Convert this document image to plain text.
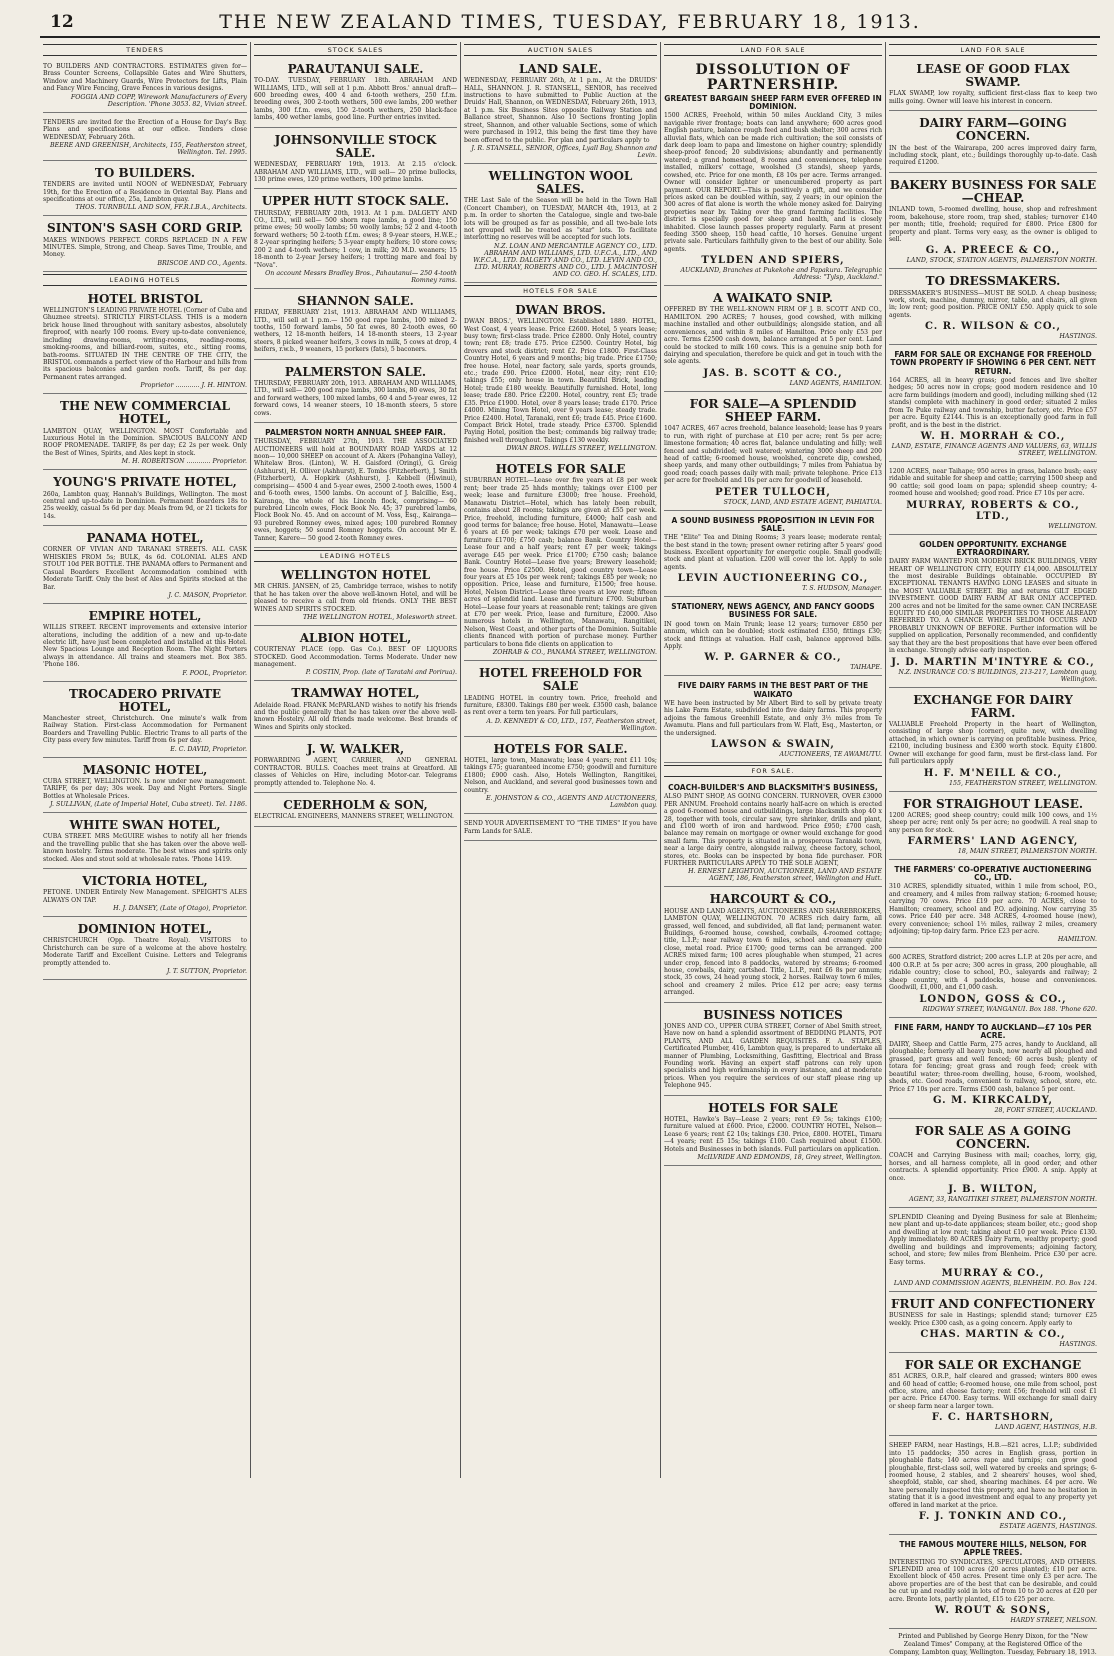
12	THE NEW ZEALAND TIMES, TUESDAY, FEBRUARY 18, 1913.
TENDERS
TO BUILDERS AND CONTRACTORS. ESTIMATES given for—Brass Counter Screens, Collapsible Gates and Wire Shutters, Window and Machinery Guards, Wire Protectors for Lifts, Plain and Fancy Wire Fencing, Grave Fences in various designs.
FOGGIA AND COPP, Wirework Manufacturers of Every Description. 'Phone 3053. 82, Vivian street.
TENDERS are invited for the Erection of a House for Day's Bay. Plans and specifications at our office. Tenders close WEDNESDAY, February 26th.
BEERE AND GREENISH, Architects, 155, Featherston street, Wellington. Tel. 1995.
TO BUILDERS.
TENDERS are invited until NOON of WEDNESDAY, February 19th, for the Erection of a Residence in Oriental Bay. Plans and specifications at our office, 25a, Lambton quay.
THOS. TURNBULL AND SON, FF.R.I.B.A., Architects.
SINTON'S SASH CORD GRIP.
MAKES WINDOWS PERFECT. CORDS REPLACED IN A FEW MINUTES. Simple, Strong, and Cheap. Saves Time, Trouble, and Money.
BRISCOE AND CO., Agents.
LEADING HOTELS
HOTEL BRISTOL
WELLINGTON'S LEADING PRIVATE HOTEL (Corner of Cuba and Ghuznee streets). STRICTLY FIRST-CLASS. THIS is a modern brick house lined throughout with sanitary asbestos, absolutely fireproof, with nearly 100 rooms. Every up-to-date convenience, including drawing-rooms, writing-rooms, reading-rooms, smoking-rooms, and billiard-room, suites, etc., sitting rooms, bath-rooms. SITUATED IN THE CENTRE OF THE CITY, the BRISTOL commands a perfect view of the Harbour and hills from its spacious balconies and garden roofs. Tariff, 8s per day. Permanent rates arranged.
Proprietor ............ J. H. HINTON.
THE NEW COMMERCIAL HOTEL,
LAMBTON QUAY, WELLINGTON. MOST Comfortable and Luxurious Hotel in the Dominion. SPACIOUS BALCONY AND ROOF PROMENADE. TARIFF, 8s per day; £2 2s per week. Only the Best of Wines, Spirits, and Ales kept in stock.
M. H. ROBERTSON ............ Proprietor.
YOUNG'S PRIVATE HOTEL,
260a, Lambton quay, Hannah's Buildings, Wellington. The most central and up-to-date in Dominion. Permanent Boarders 18s to 25s weekly, casual 5s 6d per day. Meals from 9d, or 21 tickets for 14s.
PANAMA HOTEL,
CORNER OF VIVIAN AND TARANAKI STREETS. ALL CASK WHISKIES FROM 5s; BULK, 4s 6d. COLONIAL ALES AND STOUT 10d PER BOTTLE. THE PANAMA offers to Permanent and Casual Boarders Excellent Accommodation combined with Moderate Tariff. Only the best of Ales and Spirits stocked at the Bar.
J. C. MASON, Proprietor.
EMPIRE HOTEL,
WILLIS STREET. RECENT improvements and extensive interior alterations, including the addition of a new and up-to-date electric lift, have just been completed and installed at this Hotel. New Spacious Lounge and Reception Room. The Night Porters always in attendance. All trains and steamers met. Box 385. 'Phone 186.
F. POOL, Proprietor.
TROCADERO PRIVATE HOTEL,
Manchester street, Christchurch. One minute's walk from Railway Station. First-class Accommodation for Permanent Boarders and Travelling Public. Electric Trams to all parts of the City pass every few minutes. Tariff from 6s per day.
E. C. DAVID, Proprietor.
MASONIC HOTEL,
CUBA STREET, WELLINGTON. Is now under new management. TARIFF, 6s per day; 30s week. Day and Night Porters. Single Bottles at Wholesale Prices.
J. SULLIVAN, (Late of Imperial Hotel, Cuba street). Tel. 1186.
WHITE SWAN HOTEL,
CUBA STREET. MRS McGUIRE wishes to notify all her friends and the travelling public that she has taken over the above well-known hostelry. Terms moderate. The best wines and spirits only stocked. Ales and stout sold at wholesale rates. 'Phone 1419.
VICTORIA HOTEL,
PETONE. UNDER Entirely New Management. SPEIGHT'S ALES ALWAYS ON TAP.
H. J. DANSEY, (Late of Otago), Proprietor.
DOMINION HOTEL,
CHRISTCHURCH (Opp. Theatre Royal). VISITORS to Christchurch can be sure of a welcome at the above hostelry. Moderate Tariff and Excellent Cuisine. Letters and Telegrams promptly attended to.
J. T. SUTTON, Proprietor.
STOCK SALES
PARAUTANUI SALE.
TO-DAY. TUESDAY, FEBRUARY 18th. ABRAHAM AND WILLIAMS, LTD., will sell at 1 p.m. Abbott Bros.' annual draft— 600 breeding ewes, 400 4 and 6-tooth wethers, 250 f.f.m. breeding ewes, 300 2-tooth wethers, 500 ewe lambs, 200 wether lambs, 300 f.f.m. ewes, 150 2-tooth wethers, 250 black-face lambs, 400 wether lambs, good line. Further entries invited.
JOHNSONVILLE STOCK SALE.
WEDNESDAY, FEBRUARY 19th, 1913. At 2.15 o'clock. ABRAHAM AND WILLIAMS, LTD., will sell— 20 prime bullocks, 130 prime ewes, 120 prime wethers, 100 prime lambs.
UPPER HUTT STOCK SALE.
THURSDAY, FEBRUARY 20th, 1913. At 1 p.m. DALGETY AND CO., LTD., will sell— 500 shorn rape lambs, a good line; 150 prime ewes; 50 woolly lambs; 50 woolly lambs; 52 2 and 4-tooth forward wethers; 50 2-tooth f.f.m. ewes; 8 9-year steers, H.W.E.; 8 2-year springing heifers; 5 3-year empty heifers; 10 store cows; 200 2 and 4-tooth wethers; 1 cow, in milk; 20 M.D. weaners; 15 18-month to 2-year Jersey heifers; 1 trotting mare and foal by "Nova".
On account Messrs Bradley Bros., Pahautanui— 250 4-tooth Romney rams.
SHANNON SALE.
FRIDAY, FEBRUARY 21st, 1913. ABRAHAM AND WILLIAMS, LTD., will sell at 1 p.m.— 150 good rape lambs, 100 mixed 2-tooths, 150 forward lambs, 50 fat ewes, 80 2-tooth ewes, 60 wethers, 12 18-month heifers, 14 18-month steers, 13 2-year steers, 8 picked weaner heifers, 3 cows in milk, 5 cows at drop, 4 heifers, r.w.b., 9 weaners, 15 porkers (fats), 5 baconers.
PALMERSTON SALE.
THURSDAY, FEBRUARY 20th, 1913. ABRAHAM AND WILLIAMS, LTD., will sell— 200 good rape lambs, 300 lambs, 80 ewes, 30 fat and forward wethers, 100 mixed lambs, 60 4 and 5-year ewes, 12 forward cows, 14 weaner steers, 10 18-month steers, 5 store cows.
PALMERSTON NORTH ANNUAL SHEEP FAIR.
THURSDAY, FEBRUARY 27th, 1913. THE ASSOCIATED AUCTIONEERS will hold at BOUNDARY ROAD YARDS at 12 noon— 10,000 SHEEP on account of A. Akers (Pohangina Valley), Whitelaw Bros. (Linton), W. H. Gaisford (Oringi), G. Greig (Ashhurst), H. Olliver (Ashhurst), E. Tombs (Fitzherbert), J. Smith (Fitzherbert), A. Hopkirk (Ashhurst), J. Kebbell (Hiwinui), comprising— 4500 4 and 5-year ewes, 2500 2-tooth ewes, 1500 4 and 6-tooth ewes, 1500 lambs. On account of J. Balcillie, Esq., Kairanga, the whole of his Lincoln flock, comprising— 60 purebred Lincoln ewes, Flock Book No. 45; 37 purebred lambs, Flock Book No. 45. And on account of M. Voss, Esq., Kairanga— 93 purebred Romney ewes, mixed ages; 100 purebred Romney ewes, hoggets; 50 sound Romney hoggets. On account Mr E. Tanner, Karere— 50 good 2-tooth Romney ewes.
LEADING HOTELS
WELLINGTON HOTEL
MR CHRIS. JANSEN, of 25, Cambridge terrace, wishes to notify that he has taken over the above well-known Hotel, and will be pleased to receive a call from old friends. ONLY THE BEST WINES AND SPIRITS STOCKED.
THE WELLINGTON HOTEL, Molesworth street.
ALBION HOTEL,
COURTENAY PLACE (opp. Gas Co.). BEST OF LIQUORS STOCKED. Good Accommodation. Terms Moderate. Under new management.
P. COSTIN, Prop. (late of Taratahi and Porirua).
TRAMWAY HOTEL,
Adelaide Road. FRANK McPARLAND wishes to notify his friends and the public generally that he has taken over the above well-known Hostelry. All old friends made welcome. Best brands of Wines and Spirits only stocked.
J. W. WALKER,
FORWARDING AGENT, CARRIER, AND GENERAL CONTRACTOR. BULLS. Coaches meet trains at Greatford. All classes of Vehicles on Hire, including Motor-car. Telegrams promptly attended to. Telephone No. 4.
CEDERHOLM & SON,
ELECTRICAL ENGINEERS, MANNERS STREET, WELLINGTON.
AUCTION SALES
LAND SALE.
WEDNESDAY, FEBRUARY 26th, At 1 p.m., At the DRUIDS' HALL, SHANNON. J. R. STANSELL, SENIOR, has received instructions to have submitted to Public Auction at the Druids' Hall, Shannon, on WEDNESDAY, February 26th, 1913, at 1 p.m. Six Business Sites opposite Railway Station and Ballance street, Shannon. Also 10 Sections fronting Joplin street, Shannon, and other valuable Sections, some of which were purchased in 1912, this being the first time they have been offered to the public. For plan and particulars apply to
J. R. STANSELL, SENIOR, Offices, Lyall Bay, Shannon and Levin.
WELLINGTON WOOL SALES.
THE Last Sale of the Season will be held in the Town Hall (Concert Chamber), on TUESDAY, MARCH 4th, 1913, at 2 p.m. In order to shorten the Catalogue, single and two-bale lots will be grouped as far as possible, and all two-bale lots not grouped will be treated as "star" lots. To facilitate interlotting no reserves will be accepted for such lots.
N.Z. LOAN AND MERCANTILE AGENCY CO., LTD. ABRAHAM AND WILLIAMS, LTD. U.F.C.A., LTD., AND W.F.C.A., LTD. DALGETY AND CO., LTD. LEVIN AND CO., LTD. MURRAY, ROBERTS AND CO., LTD. J. MACINTOSH AND CO. GEO. H. SCALES, LTD.
HOTELS FOR SALE
DWAN BROS.
DWAN BROS.', WELLINGTON. Established 1889. HOTEL, West Coast, 4 years lease. Price £2600. Hotel, 5 years lease; busy town; first-class trade. Price £2800. Only Hotel, country town; rent £8; trade £75. Price £2500. Country Hotel, big drovers and stock district; rent £2. Price £1800. First-Class Country Hotel, 6 years and 9 months; big trade. Price £1750; free house. Hotel, near factory, sale yards, sports grounds, etc.; trade £90. Price £2000. Hotel, near city; rent £10; takings £55; only house in town. Beautiful Brick, leading Hotel; trade £180 weekly. Beautifully furnished. Hotel, long lease; trade £80. Price £2200. Hotel, country, rent £5; trade £35. Price £1900. Hotel, over 8 years lease; trade £170. Price £4000. Mining Town Hotel, over 9 years lease; steady trade. Price £2400. Hotel, Taranaki, rent £6; trade £45. Price £1600. Compact Brick Hotel, trade steady. Price £3700. Splendid Paying Hotel, position the best; commands big railway trade; finished well throughout. Takings £130 weekly.
DWAN BROS. WILLIS STREET, WELLINGTON.
HOTELS FOR SALE
SUBURBAN HOTEL—Lease over five years at £8 per week rent; beer trade 25 hhds monthly; takings over £100 per week; lease and furniture £3000; free house. Freehold, Manawatu District—Hotel, which has lately been rebuilt, contains about 28 rooms; takings are given at £55 per week. Price, freehold, including furniture, £4000; half cash and good terms for balance; free house. Hotel, Manawatu—Lease 6 years at £6 per week; takings £70 per week. Lease and furniture £1700; £750 cash; balance Bank. Country Hotel—Lease four and a half years; rent £7 per week; takings average £45 per week. Price £1700; £750 cash; balance Bank. Country Hotel—Lease five years; Brewery leasehold; free house. Price £2500. Hotel, good country town—Lease four years at £5 10s per week rent; takings £85 per week; no opposition. Price, lease and furniture, £1500; free house. Hotel, Nelson District—Lease three years at low rent; fifteen acres of splendid land. Lease and furniture £700. Suburban Hotel—Lease four years at reasonable rent; takings are given at £70 per week. Price, lease and furniture, £2000. Also numerous hotels in Wellington, Manawatu, Rangitikei, Nelson, West Coast, and other parts of the Dominion. Suitable clients financed with portion of purchase money. Further particulars to bona fide clients on application to
ZOHRAB & CO., PANAMA STREET, WELLINGTON.
HOTEL FREEHOLD FOR SALE
LEADING HOTEL in country town. Price, freehold and furniture, £8300. Takings £80 per week. £3500 cash, balance as rent over a term ten years. For full particulars,
A. D. KENNEDY & CO, LTD., 157, Featherston street, Wellington.
HOTELS FOR SALE.
HOTEL, large town, Manawatu; lease 4 years; rent £11 10s; takings £75; guaranteed income £750; goodwill and furniture £1800; £900 cash. Also, Hotels Wellington, Rangitikei, Nelson, and Auckland, and several good businesses town and country.
E. JOHNSTON & CO., AGENTS AND AUCTIONEERS, Lambton quay.
SEND YOUR ADVERTISEMENT TO "THE TIMES" If you have Farm Lands for SALE.
LAND FOR SALE
DISSOLUTION OF PARTNERSHIP.
GREATEST BARGAIN SHEEP FARM EVER OFFERED IN DOMINION.
1500 ACRES, Freehold, within 50 miles Auckland City, 3 miles navigable river frontage; boats can land anywhere; 600 acres good English pasture, balance rough feed and bush shelter; 300 acres rich alluvial flats, which can be made rich cultivation; the soil consists of dark deep loam to papa and limestone on higher country; splendidly sheep-proof fenced; 20 subdivisions; abundantly and permanently watered; a grand homestead, 8 rooms and conveniences, telephone installed, milkers' cottage, woolshed (3 stands), sheep yards, cowshed, etc. Price for one month, £8 10s per acre. Terms arranged. Owner will consider lighter or unencumbered property as part payment. OUR REPORT.—This is positively a gift, and we consider prices asked can be doubled within, say, 2 years; in our opinion the 300 acres of flat alone is worth the whole money asked for. Dairying properties near by. Taking over the grand farming facilities. The district is specially good for sheep and health, and is closely inhabited. Close launch passes property regularly. Farm at present feeding 3500 sheep, 150 head cattle, 10 horses. Genuine urgent private sale. Particulars faithfully given to the best of our ability. Sole agents.
TYLDEN AND SPIERS,
AUCKLAND, Branches at Pukekohe and Papakura. Telegraphic Address: "Tylsp, Auckland."
A WAIKATO SNIP.
OFFERED BY THE WELL-KNOWN FIRM OF J. B. SCOTT AND CO., HAMILTON. 290 ACRES; 7 houses, good cowshed, with milking machine installed and other outbuildings; alongside station, and all conveniences, and within 8 miles of Hamilton. Price only £53 per acre. Terms £2500 cash down, balance arranged at 5 per cent. Land could be stocked to milk 160 cows. This is a genuine snip both for dairying and speculation, therefore be quick and get in touch with the sole agents.
JAS. B. SCOTT & CO.,
LAND AGENTS, HAMILTON.
FOR SALE—A SPLENDID SHEEP FARM.
1047 ACRES, 467 acres freehold, balance leasehold; lease has 9 years to run, with right of purchase at £10 per acre; rent 5s per acre; limestone formation; 40 acres flat, balance undulating and hilly; well fenced and subdivided; well watered; wintering 3000 sheep and 200 head of cattle; 6-roomed house, woolshed, concrete dip, cowshed, sheep yards, and many other outbuildings; 7 miles from Pahiatua by good road; coach passes daily with mail; private telephone. Price £13 per acre for freehold and 10s per acre for goodwill of leasehold.
PETER TULLOCH,
STOCK, LAND, AND ESTATE AGENT, PAHIATUA.
A SOUND BUSINESS PROPOSITION IN LEVIN FOR SALE.
THE "Elite" Tea and Dining Rooms; 3 years lease; moderate rental; the best stand in the town; present owner retiring after 5 years' good business. Excellent opportunity for energetic couple. Small goodwill; stock and plant at valuation. £200 will cover the lot. Apply to sole agents.
LEVIN AUCTIONEERING CO.,
T. S. HUDSON, Manager.
STATIONERY, NEWS AGENCY, AND FANCY GOODS BUSINESS FOR SALE.
IN good town on Main Trunk; lease 12 years; turnover £850 per annum, which can be doubled; stock estimated £350, fittings £30; stock and fittings at valuation. Half cash, balance approved bills. Apply.
W. P. GARNER & CO.,
TAIHAPE.
FIVE DAIRY FARMS IN THE BEST PART OF THE WAIKATO
WE have been instructed by Mr Albert Bird to sell by private treaty his Lake Farm Estate, subdivided into five dairy farms. This property adjoins the famous Greenhill Estate, and only 3½ miles from Te Awamutu. Plans and full particulars from W. Flatt, Esq., Masterton, or the undersigned.
LAWSON & SWAIN,
AUCTIONEERS, TE AWAMUTU.
FOR SALE.
COACH-BUILDER'S AND BLACKSMITH'S BUSINESS,
ALSO PAINT SHOP, AS GOING CONCERN. TURNOVER, OVER £3000 PER ANNUM. Freehold contains nearly half-acre on which is erected a good 6-roomed house and outbuildings, large blacksmith shop 40 x 28, together with tools, circular saw, tyre shrinker, drills and plant, and £100 worth of iron and hardwood. Price £950; £700 cash, balance may remain on mortgage or owner would exchange for good small farm. This property is situated in a prosperous Taranaki town, near a large dairy centre, alongside railway, cheese factory, school, stores, etc. Books can be inspected by bona fide purchaser. FOR FURTHER PARTICULARS APPLY TO THE SOLE AGENT,
H. ERNEST LEIGHTON, AUCTIONEER, LAND AND ESTATE AGENT, 186, Featherston street, Wellington and Hutt.
HARCOURT & CO.,
HOUSE AND LAND AGENTS, AUCTIONEERS AND SHAREBROKERS, LAMBTON QUAY, WELLINGTON. 70 ACRES rich dairy farm, all grassed, well fenced, and subdivided, all flat land; permanent water. Buildings, 6-roomed house, cowshed, cowbails, 4-roomed cottage; title, L.I.P.; near railway town 6 miles, school and creamery quite close, metal road. Price £1700; good terms can be arranged. 200 ACRES mixed farm; 100 acres ploughable when stumped, 21 acres under crop, fenced into 8 paddocks, watered by streams; 6-roomed house, cowbails, dairy, cartshed. Title, L.I.P., rent £6 8s per annum; stock, 35 cows, 24 head young stock, 2 horses. Railway town 6 miles, school and creamery 2 miles. Price £12 per acre; easy terms arranged.
BUSINESS NOTICES
JONES AND CO., UPPER CUBA STREET, Corner of Abel Smith street, Have now on hand a splendid assortment of BEDDING PLANTS, POT PLANTS, AND ALL GARDEN REQUISITES. F. A. STAPLES, Certificated Plumber, 416, Lambton quay, is prepared to undertake all manner of Plumbing, Locksmithing, Gasfitting, Electrical and Brass Founding work. Having an expert staff patrons can rely upon specialists and high workmanship in every instance, and at moderate prices. When you require the services of our staff please ring up Telephone 945.
HOTELS FOR SALE
HOTEL, Hawke's Bay—Lease 2 years; rent £9 5s; takings £100; furniture valued at £600. Price, £2000. COUNTRY HOTEL, Nelson—Lease 6 years; rent £2 10s; takings £30. Price, £800. HOTEL, Timaru—4 years; rent £5 15s; takings £100. Cash required about £1500. Hotels and Businesses in both islands. Full particulars on application.
McILVRIDE AND EDMONDS, 18, Grey street, Wellington.
LAND FOR SALE
LEASE OF GOOD FLAX SWAMP.
FLAX SWAMP, low royalty, sufficient first-class flax to keep two mills going. Owner will leave his interest in concern.
DAIRY FARM—GOING CONCERN.
IN the best of the Wairarapa, 200 acres improved dairy farm, including stock, plant, etc.; buildings thoroughly up-to-date. Cash required £1200.
BAKERY BUSINESS FOR SALE—CHEAP.
INLAND town, 5-roomed dwelling, house, shop and refreshment room, bakehouse, store room, trap shed, stables; turnover £140 per month; title, freehold; required for £800. Price £800 for property and plant. Terms very easy, as the owner is obliged to sell.
G. A. PREECE & CO.,
LAND, STOCK, STATION AGENTS, PALMERSTON NORTH.
TO DRESSMAKERS.
DRESSMAKER'S BUSINESS—MUST BE SOLD. A cheap business; work, stock, machine, dummy, mirror, table, and chairs, all given in; low rent; good position. PRICE ONLY £50. Apply quick to sole agents.
C. R. WILSON & CO.,
HASTINGS.
FARM FOR SALE OR EXCHANGE FOR FREEHOLD TOWN PROPERTY IF SHOWING 6 PER CENT. NETT RETURN.
164 ACRES, all in heavy grass; good fences and live shelter hedges; 50 acres now in crops; good modern residence and 10 acre farm buildings (modern and good), including milking shed (12 stands) complete with machinery in good order; situated 2 miles from Te Puke railway and township, butter factory, etc. Price £57 per acre. Equity £2144. This is an exceptionally good farm in full profit, and is the best in the district.
W. H. MORRAH & CO.,
LAND, ESTATE, FINANCE AGENTS AND VALUERS, 63, WILLIS STREET, WELLINGTON.
1200 ACRES, near Taihape; 950 acres in grass, balance bush; easy ridable and suitable for sheep and cattle; carrying 1500 sheep and 90 cattle; soil good loam on papa; splendid sheep country; 4-roomed house and woolshed; good road. Price £7 10s per acre.
MURRAY, ROBERTS & CO., LTD.,
WELLINGTON.
GOLDEN OPPORTUNITY. EXCHANGE EXTRAORDINARY.
DAIRY FARM WANTED FOR MODERN BRICK BUILDINGS, VERY HEART OF WELLINGTON CITY, EQUITY £14,000. ABSOLUTELY the most desirable Buildings obtainable. OCCUPIED BY EXCEPTIONAL TENANTS HAVING LONG LEASES and situate in the MOST VALUABLE STREET. Big and returns GILT EDGED INVESTMENT. GOOD DAIRY FARM AT BAR ONLY ACCEPTED. 200 acres and not be limited for the same owner. CAN INCREASE EQUITY TO £40,000 SIMILAR PROPERTIES TO THOSE ALREADY REFERRED TO. A CHANCE WHICH SELDOM OCCURS AND PROBABLY UNKNOWN OF BEFORE. Further information will be supplied on application, Personally recommended, and confidently say that they are the best propositions that have ever been offered in exchange. Strongly advise early inspection.
J. D. MARTIN M'INTYRE & CO.,
N.Z. INSURANCE CO.'S BUILDINGS, 213-217, Lambton quay, Wellington.
EXCHANGE FOR DAIRY FARM.
VALUABLE Freehold Property in the heart of Wellington, consisting of large shop (corner), quite new, with dwelling attached, in which owner is carrying on profitable business. Price, £2100, including business and £300 worth stock. Equity £1800. Owner will exchange for good farm, must be first-class land. For full particulars apply
H. F. M'NEILL & CO.,
155, FEATHERSTON STREET, WELLINGTON.
FOR STRAIGHOUT LEASE.
1200 ACRES; good sheep country; could milk 100 cows, and 1½ sheep per acre; rent only 5s per acre; no goodwill. A real snap to any person for stock.
FARMERS' LAND AGENCY,
18, MAIN STREET, PALMERSTON NORTH.
THE FARMERS' CO-OPERATIVE AUCTIONEERING CO., LTD.
310 ACRES, splendidly situated, within 1 mile from school, P.O., and creamery, and 4 miles from railway station; 6-roomed house; carrying 70 cows. Price £19 per acre. 70 ACRES, close to Hamilton; creamery, school and P.O. adjoining. Now carrying 35 cows. Price £40 per acre. 348 ACRES, 4-roomed house (new), every convenience; school 1½ miles, railway 2 miles, creamery adjoining; tip-top dairy farm. Price £23 per acre.
HAMILTON.
600 ACRES, Stratford district; 200 acres L.I.P. at 20s per acre, and 400 O.R.P. at 5s per acre; 300 acres in grass, 200 ploughable, all ridable country; close to school, P.O., saleyards and railway; 2 sheep country, with 4 paddocks, house and conveniences. Goodwill, £1,000, and £1,000 cash.
LONDON, GOSS & CO.,
RIDGWAY STREET, WANGANUI. Box 188. 'Phone 620.
FINE FARM, HANDY TO AUCKLAND—£7 10s PER ACRE.
DAIRY, Sheep and Cattle Farm, 275 acres, handy to Auckland, all ploughable; formerly all heavy bush, now nearly all ploughed and grassed, part grass and well fenced; 60 acres bush; plenty of totara for fencing; great grass and rough feed; creek with beautiful water; three-room dwelling, house, 6-room, woolshed, sheds, etc. Good roads, convenient to railway, school, store, etc. Price £7 10s per acre. Terms £500 cash, balance 5 per cent.
G. M. KIRKCALDY,
28, FORT STREET, AUCKLAND.
FOR SALE AS A GOING CONCERN.
COACH and Carrying Business with mail; coaches, lorry, gig, horses, and all harness complete, all in good order, and other contracts. A splendid opportunity. Price £900. A snip. Apply at once.
J. B. WILTON,
AGENT, 33, RANGITIKEI STREET, PALMERSTON NORTH.
SPLENDID Cleaning and Dyeing Business for sale at Blenheim; new plant and up-to-date appliances; steam boiler, etc.; good shop and dwelling at low rent; taking about £10 per week. Price £130. Apply immediately. 80 ACRES Dairy Farm, wealthy property; good dwelling and buildings and improvements; adjoining factory, school, and store; few miles from Blenheim. Price £30 per acre. Easy terms.
MURRAY & CO.,
LAND AND COMMISSION AGENTS, BLENHEIM. P.O. Box 124.
FRUIT AND CONFECTIONERY
BUSINESS for sale in Hastings; splendid stand; turnover £25 weekly. Price £300 cash, as a going concern. Apply early to
CHAS. MARTIN & CO.,
HASTINGS.
FOR SALE OR EXCHANGE
851 ACRES, O.R.P., half cleared and grassed; winters 800 ewes and 60 head of cattle; 6-roomed house, one mile from school, post office, store, and cheese factory; rent £56; freehold will cost £1 per acre. Price £4700. Easy terms. Will exchange for small dairy or sheep farm near a larger town.
F. C. HARTSHORN,
LAND AGENT, HASTINGS, H.B.
SHEEP FARM, near Hastings, H.B.—821 acres, L.I.P.; subdivided into 15 paddocks; 350 acres in English grass, portion in ploughable flats; 140 acres rape and turnips; can grow good ploughable, first-class soil, well watered by creeks and springs; 6-roomed house, 2 stables, and 2 shearers' houses, wool shed, sheepfold, stable, car shed, shearing machines. £4 per acre. We have personally inspected this property, and have no hesitation in stating that it is a good investment and equal to any property yet offered in land market at the price.
F. J. TONKIN AND CO.,
ESTATE AGENTS, HASTINGS.
THE FAMOUS MOUTERE HILLS, NELSON, FOR APPLE TREES.
INTERESTING TO SYNDICATES, SPECULATORS, AND OTHERS. SPLENDID area of 100 acres (20 acres planted); £10 per acre. Excellent block of 450 acres. Present time only £3 per acre. The above properties are of the best that can be desirable, and could be cut up and readily sold in lots of from 10 to 20 acres at £20 per acre. Bronte lots, partly planted, £15 to £25 per acre.
W. ROUT & SONS,
HARDY STREET, NELSON.
Printed and Published by George Henry Dixon, for the "New Zealand Times" Company, at the Registered Office of the Company, Lambton quay, Wellington. Tuesday, February 18, 1913.
